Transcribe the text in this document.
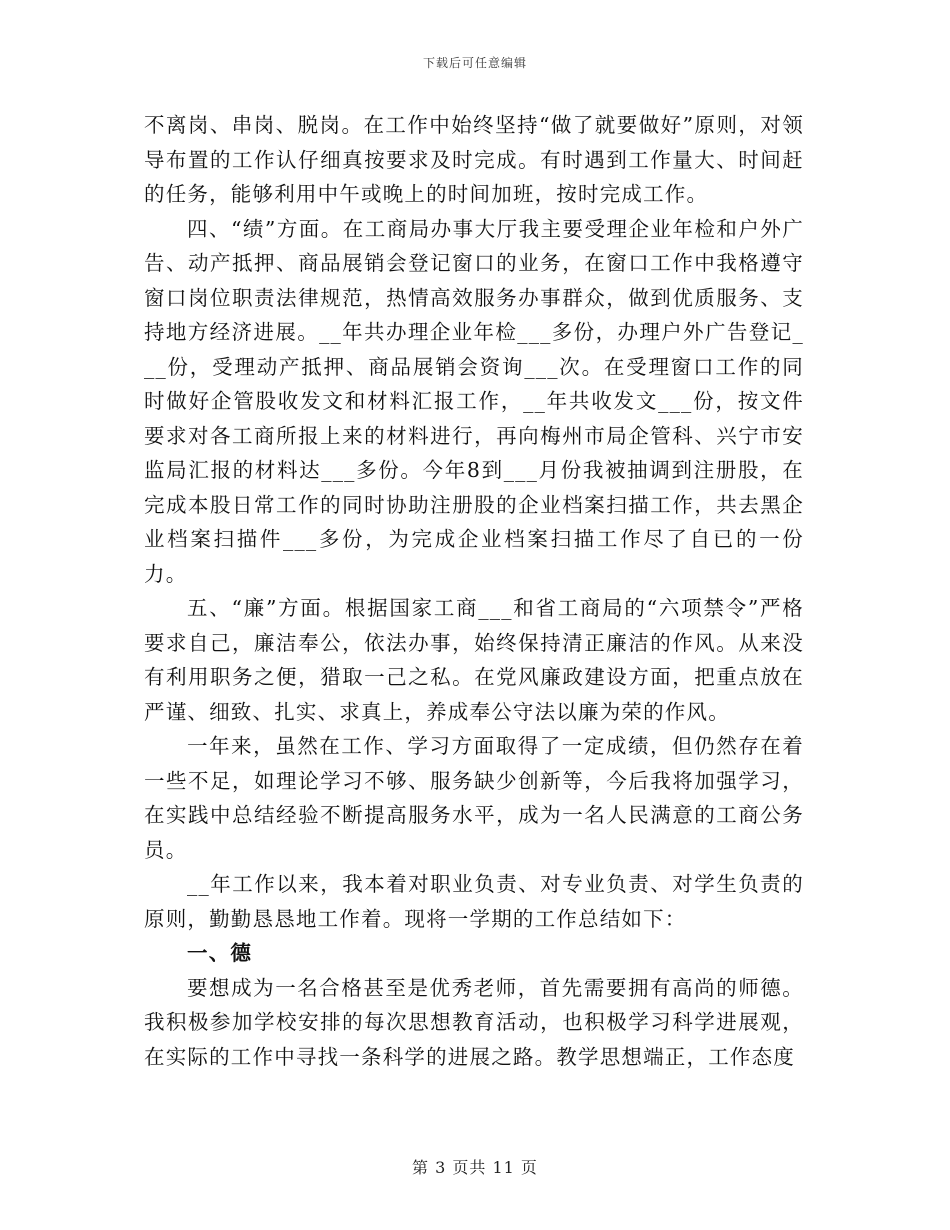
下载后可任意编辑

不离岗、串岗、脱岗。在工作中始终坚持“做了就要做好”原则，对领导布置的工作认仔细真按要求及时完成。有时遇到工作量大、时间赶的任务，能够利用中午或晚上的时间加班，按时完成工作。

四、“绩”方面。在工商局办事大厅我主要受理企业年检和户外广告、动产抵押、商品展销会登记窗口的业务，在窗口工作中我格遵守窗口岗位职责法律规范，热情高效服务办事群众，做到优质服务、支持地方经济进展。__年共办理企业年检___多份，办理户外广告登记___份，受理动产抵押、商品展销会资询___次。在受理窗口工作的同时做好企管股收发文和材料汇报工作，__年共收发文___份，按文件要求对各工商所报上来的材料进行，再向梅州市局企管科、兴宁市安监局汇报的材料达___多份。今年8到___月份我被抽调到注册股，在完成本股日常工作的同时协助注册股的企业档案扫描工作，共去黑企业档案扫描件___多份，为完成企业档案扫描工作尽了自已的一份力。

五、“廉”方面。根据国家工商___和省工商局的“六项禁令”严格要求自己，廉洁奉公，依法办事，始终保持清正廉洁的作风。从来没有利用职务之便，猎取一己之私。在党风廉政建设方面，把重点放在严谨、细致、扎实、求真上，养成奉公守法以廉为荣的作风。

一年来，虽然在工作、学习方面取得了一定成绩，但仍然存在着一些不足，如理论学习不够、服务缺少创新等，今后我将加强学习，在实践中总结经验不断提高服务水平，成为一名人民满意的工商公务员。

__年工作以来，我本着对职业负责、对专业负责、对学生负责的原则，勤勤恳恳地工作着。现将一学期的工作总结如下：

一、德

要想成为一名合格甚至是优秀老师，首先需要拥有高尚的师德。我积极参加学校安排的每次思想教育活动，也积极学习科学进展观，在实际的工作中寻找一条科学的进展之路。教学思想端正，工作态度

第 3 页共 11 页
